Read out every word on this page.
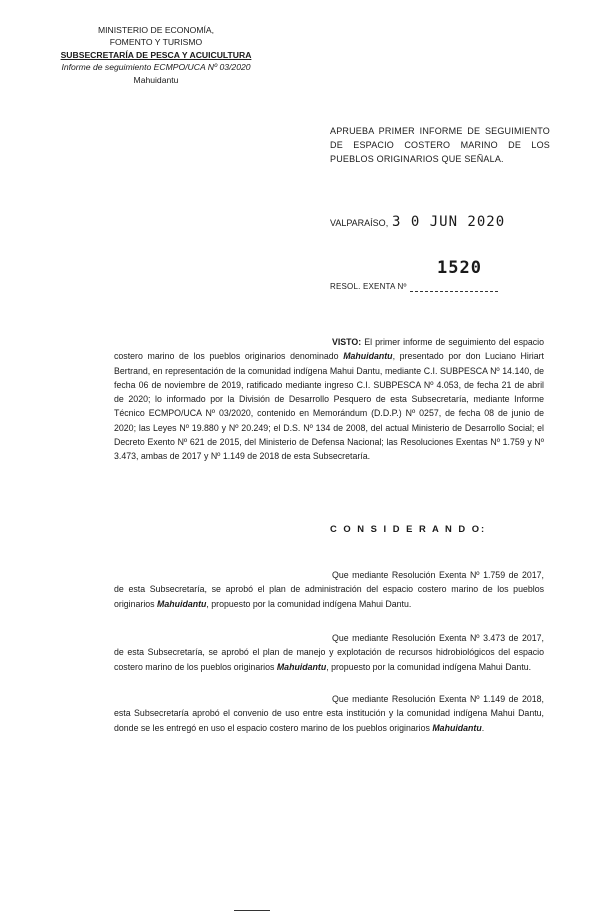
MINISTERIO DE ECONOMÍA,
FOMENTO Y TURISMO
SUBSECRETARÍA DE PESCA Y ACUICULTURA
Informe de seguimiento ECMPO/UCA Nº 03/2020
Mahuidantu
APRUEBA PRIMER INFORME DE SEGUIMIENTO DE ESPACIO COSTERO MARINO DE LOS PUEBLOS ORIGINARIOS QUE SEÑALA.
VALPARAÍSO, 3 0 JUN 2020
1520
RESOL. EXENTA Nº

VISTO: El primer informe de seguimiento del espacio costero marino de los pueblos originarios denominado Mahuidantu, presentado por don Luciano Hiriart Bertrand, en representación de la comunidad indígena Mahui Dantu, mediante C.I. SUBPESCA Nº 14.140, de fecha 06 de noviembre de 2019, ratificado mediante ingreso C.I. SUBPESCA Nº 4.053, de fecha 21 de abril de 2020; lo informado por la División de Desarrollo Pesquero de esta Subsecretaría, mediante Informe Técnico ECMPO/UCA Nº 03/2020, contenido en Memorándum (D.D.P.) Nº 0257, de fecha 08 de junio de 2020; las Leyes Nº 19.880 y Nº 20.249; el D.S. Nº 134 de 2008, del actual Ministerio de Desarrollo Social; el Decreto Exento Nº 621 de 2015, del Ministerio de Defensa Nacional; las Resoluciones Exentas Nº 1.759 y Nº 3.473, ambas de 2017 y Nº 1.149 de 2018 de esta Subsecretaría.

C O N S I D E R A N D O:

Que mediante Resolución Exenta Nº 1.759 de 2017, de esta Subsecretaría, se aprobó el plan de administración del espacio costero marino de los pueblos originarios Mahuidantu, propuesto por la comunidad indígena Mahui Dantu.

Que mediante Resolución Exenta Nº 3.473 de 2017, de esta Subsecretaría, se aprobó el plan de manejo y explotación de recursos hidrobiológicos del espacio costero marino de los pueblos originarios Mahuidantu, propuesto por la comunidad indígena Mahui Dantu.

Que mediante Resolución Exenta Nº 1.149 de 2018, esta Subsecretaría aprobó el convenio de uso entre esta institución y la comunidad indígena Mahui Dantu, donde se les entregó en uso el espacio costero marino de los pueblos originarios Mahuidantu.
